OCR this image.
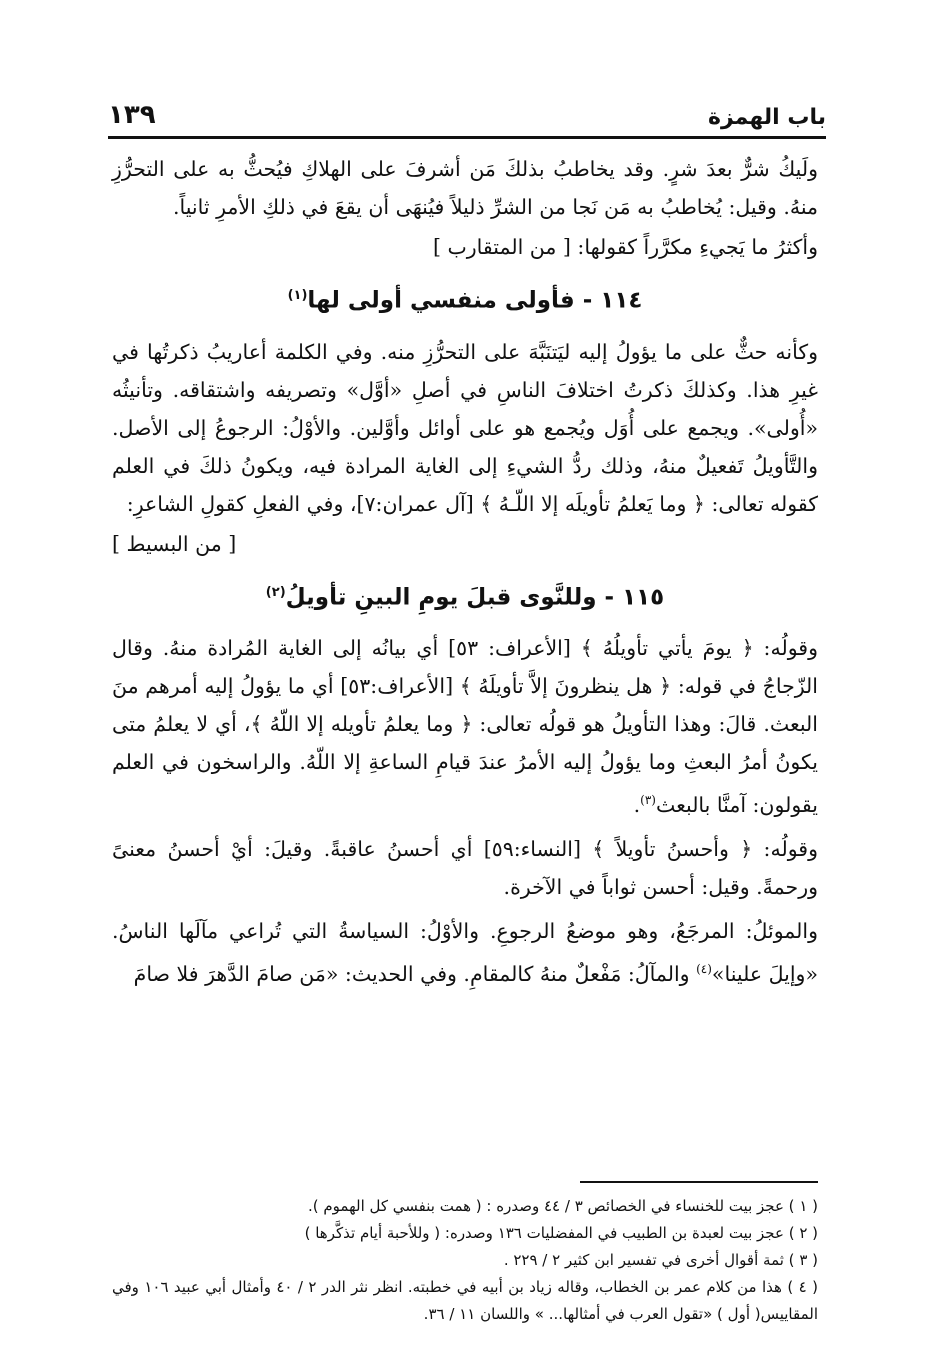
باب الهمزة
١٣٩

ولَيكُ شرٌّ بعدَ شرٍ. وقد يخاطبُ بذلكَ مَن أشرفَ على الهلاكِ فيُحثُّ به على التحرُّزِ منهُ. وقيل: يُخاطبُ به مَن نَجا من الشرِّ ذليلاً فيُنهَى أن يقعَ في ذلكِ الأمرِ ثانياً.

وأكثرُ ما يَجيءِ مكرَّراً كقولها: [ من المتقارب ]

١١٤ - فأولى منفسي أولى لها$^{(١)}$

وكأنه حثٌّ على ما يؤولُ إليه ليَتنَبَّهَ على التحرُّزِ منه. وفي الكلمة أعاريبُ ذكرتُها في غيرِ هذا. وكذلكَ ذكرتُ اختلافَ الناسِ في أصلِ «أوَّل» وتصريفه واشتقاقه. وتأنيثُه «أُولى». ويجمع على أُوَل ويُجمع هو على أوائل وأوَّلين. والأوْلُ: الرجوعُ إلى الأصل. والتَّأويلُ تَفعيلٌ منهُ، وذلك ردُّ الشيءِ إلى الغاية المرادة فيه، ويكونُ ذلكَ في العلم كقوله تعالى: ﴿ وما يَعلمُ تأويلَه إلا اللّـهُ ﴾ [آل عمران:٧]، وفي الفعلِ كقولِ الشاعرِ:

[ من البسيط ]

١١٥ - وللنَّوى قبلَ يومِ البينِ تأويلُ$^{(٢)}$

وقولُه: ﴿ يومَ يأتي تأويلُهُ ﴾ [الأعراف: ٥٣] أي بيانُه إلى الغاية المُرادة منهُ. وقال الزّجاجُ في قوله: ﴿ هل ينظرونَ إلاَّ تأويلَهُ ﴾ [الأعراف:٥٣] أي ما يؤولُ إليه أمرهم منَ البعث. قالَ: وهذا التأويلُ هو قولُه تعالى: ﴿ وما يعلمُ تأويله إلا اللّهُ ﴾، أي لا يعلمُ متى يكونُ أمرُ البعثِ وما يؤولُ إليه الأمرُ عندَ قيامِ الساعةِ إلا اللّهُ. والراسخون في العلم يقولون: آمنَّا بالبعث$^{(٣)}$.

وقولُه: ﴿ وأحسنُ تأويلاً ﴾ [النساء:٥٩] أي أحسنُ عاقبةً. وقيلَ: أيْ أحسنُ معنىً ورحمةً. وقيل: أحسن ثواباً في الآخرة.

والموئلُ: المرجَعُ، وهو موضعُ الرجوعِ. والأوْلُ: السياسةُ التي تُراعي مآلَها الناسُ. «وإيلَ علينا»$^{(٤)}$ والمآلُ: مَفْعلٌ منهُ كالمقامِ. وفي الحديث: «مَن صامَ الدَّهرَ فلا صامَ

( ١ ) عجز بيت للخنساء في الخصائص ٣ / ٤٤ وصدره : ( همت بنفسي كل الهموم ).

( ٢ ) عجز بيت لعبدة بن الطبيب في المفضليات ١٣٦ وصدره: ( وللأحبة أيام تذكَّرها )

( ٣ ) ثمة أقوال أخرى في تفسير ابن كثير ٢ / ٢٢٩ .

( ٤ ) هذا من كلام عمر بن الخطاب، وقاله زياد بن أبيه في خطبته. انظر نثر الدر ٢ / ٤٠ وأمثال أبي عبيد ١٠٦ وفي المقاييس( أول ) «تقول العرب في أمثالها... » واللسان ١١ / ٣٦.
